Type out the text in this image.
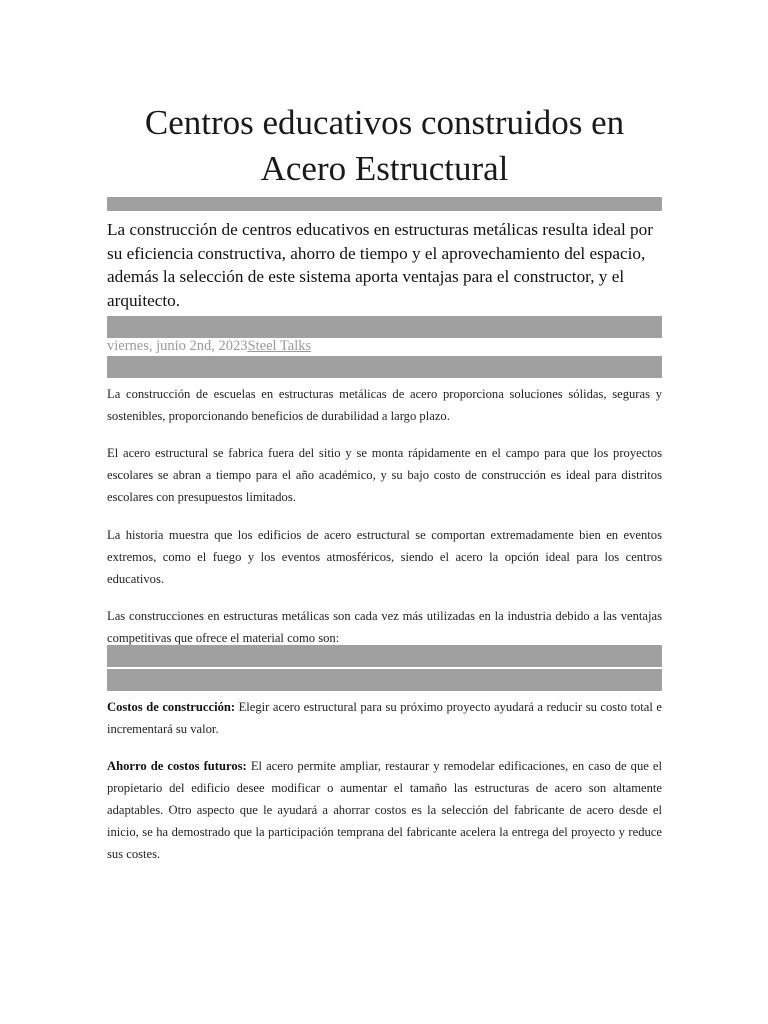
Centros educativos construidos en Acero Estructural

La construcción de centros educativos en estructuras metálicas resulta ideal por su eficiencia constructiva, ahorro de tiempo y el aprovechamiento del espacio, además la selección de este sistema aporta ventajas para el constructor, y el arquitecto.

viernes, junio 2nd, 2023Steel Talks

La construcción de escuelas en estructuras metálicas de acero proporciona soluciones sólidas, seguras y sostenibles, proporcionando beneficios de durabilidad a largo plazo.

El acero estructural se fabrica fuera del sitio y se monta rápidamente en el campo para que los proyectos escolares se abran a tiempo para el año académico, y su bajo costo de construcción es ideal para distritos escolares con presupuestos limitados.

La historia muestra que los edificios de acero estructural se comportan extremadamente bien en eventos extremos, como el fuego y los eventos atmosféricos, siendo el acero la opción ideal para los centros educativos.

Las construcciones en estructuras metálicas son cada vez más utilizadas en la industria debido a las ventajas competitivas que ofrece el material como son:

Costos de construcción: Elegir acero estructural para su próximo proyecto ayudará a reducir su costo total e incrementará su valor.

Ahorro de costos futuros: El acero permite ampliar, restaurar y remodelar edificaciones, en caso de que el propietario del edificio desee modificar o aumentar el tamaño las estructuras de acero son altamente adaptables. Otro aspecto que le ayudará a ahorrar costos es la selección del fabricante de acero desde el inicio, se ha demostrado que la participación temprana del fabricante acelera la entrega del proyecto y reduce sus costes.
